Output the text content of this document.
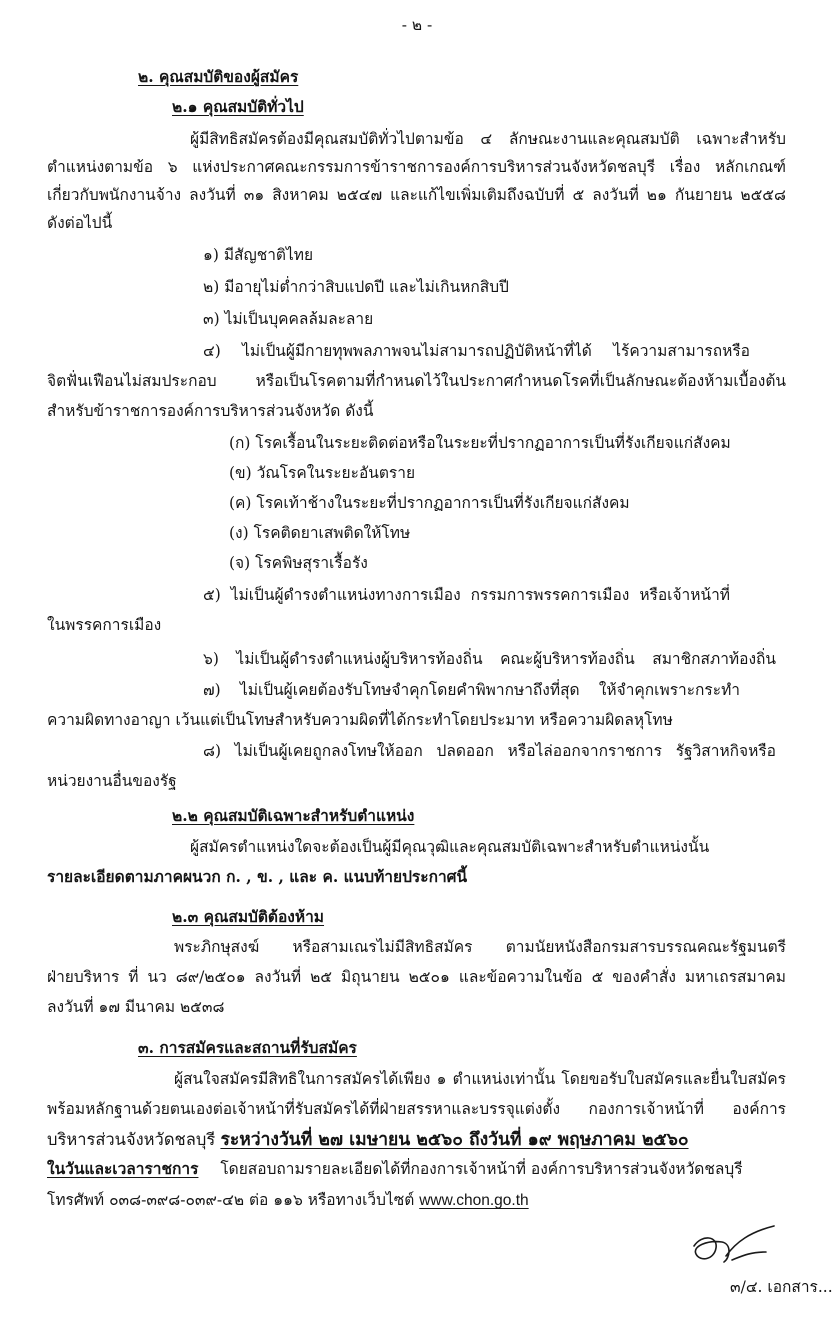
- ๒ -
๒. คุณสมบัติของผู้สมัคร
๒.๑ คุณสมบัติทั่วไป
ผู้มีสิทธิสมัครต้องมีคุณสมบัติทั่วไปตามข้อ ๔ ลักษณะงานและคุณสมบัติ เฉพาะสำหรับ
ตำแหน่งตามข้อ ๖ แห่งประกาศคณะกรรมการข้าราชการองค์การบริหารส่วนจังหวัดชลบุรี เรื่อง หลักเกณฑ์
เกี่ยวกับพนักงานจ้าง ลงวันที่ ๓๑ สิงหาคม ๒๕๔๗ และแก้ไขเพิ่มเติมถึงฉบับที่ ๕ ลงวันที่ ๒๑ กันยายน ๒๕๕๘
ดังต่อไปนี้
๑) มีสัญชาติไทย
๒) มีอายุไม่ต่ำกว่าสิบแปดปี และไม่เกินหกสิบปี
๓) ไม่เป็นบุคคลล้มละลาย
๔) ไม่เป็นผู้มีกายทุพพลภาพจนไม่สามารถปฏิบัติหน้าที่ได้ ไร้ความสามารถหรือ
จิตฟั่นเฟือนไม่สมประกอบ หรือเป็นโรคตามที่กำหนดไว้ในประกาศกำหนดโรคที่เป็นลักษณะต้องห้ามเบื้องต้น
สำหรับข้าราชการองค์การบริหารส่วนจังหวัด ดังนี้
(ก) โรคเรื้อนในระยะติดต่อหรือในระยะที่ปรากฏอาการเป็นที่รังเกียจแก่สังคม
(ข) วัณโรคในระยะอันตราย
(ค) โรคเท้าช้างในระยะที่ปรากฏอาการเป็นที่รังเกียจแก่สังคม
(ง) โรคติดยาเสพติดให้โทษ
(จ) โรคพิษสุราเรื้อรัง
๕) ไม่เป็นผู้ดำรงตำแหน่งทางการเมือง กรรมการพรรคการเมือง หรือเจ้าหน้าที่
ในพรรคการเมือง
๖) ไม่เป็นผู้ดำรงตำแหน่งผู้บริหารท้องถิ่น คณะผู้บริหารท้องถิ่น สมาชิกสภาท้องถิ่น
๗) ไม่เป็นผู้เคยต้องรับโทษจำคุกโดยคำพิพากษาถึงที่สุด ให้จำคุกเพราะกระทำ
ความผิดทางอาญา เว้นแต่เป็นโทษสำหรับความผิดที่ได้กระทำโดยประมาท หรือความผิดลหุโทษ
๘) ไม่เป็นผู้เคยถูกลงโทษให้ออก ปลดออก หรือไล่ออกจากราชการ รัฐวิสาหกิจหรือ
หน่วยงานอื่นของรัฐ
๒.๒ คุณสมบัติเฉพาะสำหรับตำแหน่ง
ผู้สมัครตำแหน่งใดจะต้องเป็นผู้มีคุณวุฒิและคุณสมบัติเฉพาะสำหรับตำแหน่งนั้น
รายละเอียดตามภาคผนวก ก. , ข. , และ ค. แนบท้ายประกาศนี้
๒.๓ คุณสมบัติต้องห้าม
พระภิกษุสงฆ์ หรือสามเณรไม่มีสิทธิสมัคร ตามนัยหนังสือกรมสารบรรณคณะรัฐมนตรี
ฝ่ายบริหาร ที่ นว ๘๙/๒๕๐๑ ลงวันที่ ๒๕ มิถุนายน ๒๕๐๑ และข้อความในข้อ ๕ ของคำสั่ง มหาเถรสมาคม
ลงวันที่ ๑๗ มีนาคม ๒๕๓๘
๓. การสมัครและสถานที่รับสมัคร
ผู้สนใจสมัครมีสิทธิในการสมัครได้เพียง ๑ ตำแหน่งเท่านั้น โดยขอรับใบสมัครและยื่นใบสมัคร
พร้อมหลักฐานด้วยตนเองต่อเจ้าหน้าที่รับสมัครได้ที่ฝ่ายสรรหาและบรรจุแต่งตั้ง กองการเจ้าหน้าที่ องค์การ
บริหารส่วนจังหวัดชลบุรี ระหว่างวันที่ ๒๗ เมษายน ๒๕๖๐ ถึงวันที่ ๑๙ พฤษภาคม ๒๕๖๐
ในวันและเวลาราชการ โดยสอบถามรายละเอียดได้ที่กองการเจ้าหน้าที่ องค์การบริหารส่วนจังหวัดชลบุรี
โทรศัพท์ ๐๓๘-๓๙๘-๐๓๙-๔๒ ต่อ ๑๑๖ หรือทางเว็บไซต์ www.chon.go.th
๓/๔. เอกสาร...
